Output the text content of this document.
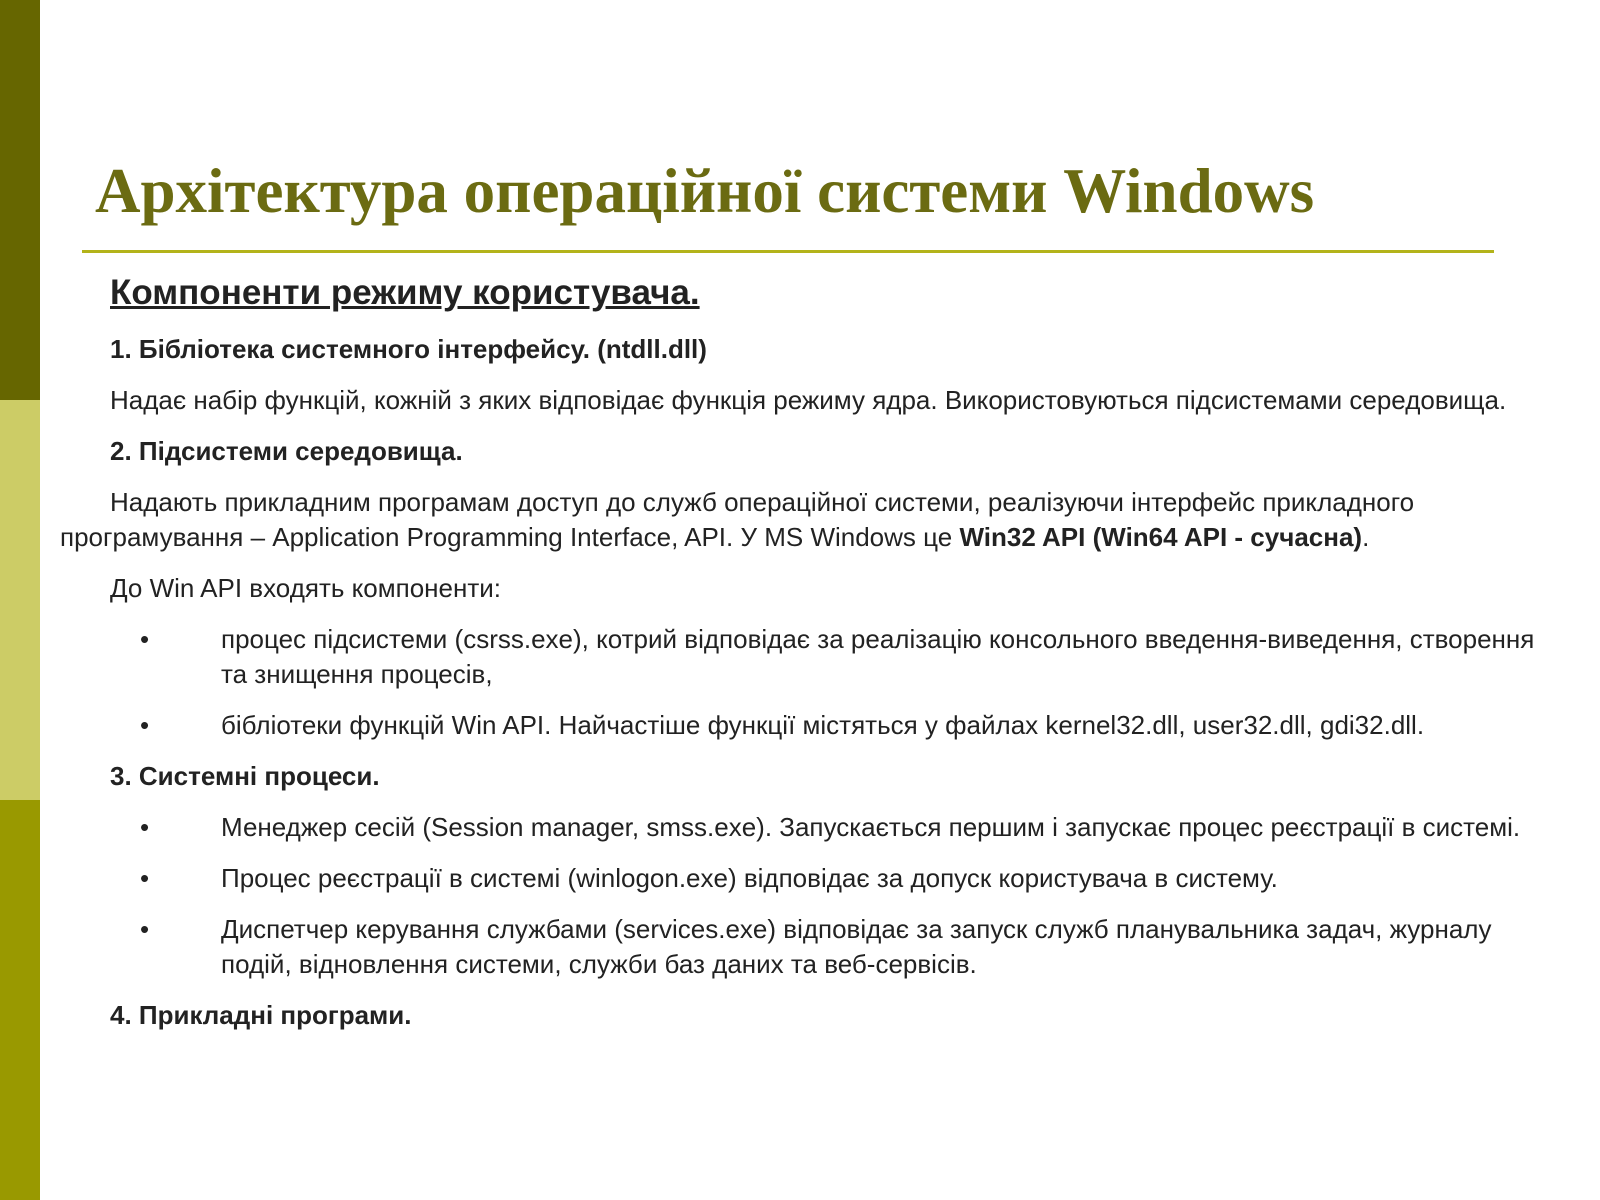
Архітектура операційної системи Windows

Компоненти режиму користувача.

1. Бібліотека системного інтерфейсу. (ntdll.dll)

Надає набір функцій, кожній з яких відповідає функція режиму ядра. Використовуються підсистемами середовища.

2. Підсистеми середовища.

Надають прикладним програмам доступ до служб операційної системи, реалізуючи інтерфейс прикладного програмування – Application Programming Interface, API. У MS Windows це Win32 API (Win64 API - сучасна).

До Win API входять компоненти:

•	процес підсистеми (csrss.exe), котрий відповідає за реалізацію консольного введення-виведення, створення та знищення процесів,
•	бібліотеки функцій Win API. Найчастіше функції містяться у файлах kernel32.dll, user32.dll, gdi32.dll.

3. Системні процеси.

•	Менеджер сесій (Session manager, smss.exe). Запускається першим і запускає процес реєстрації в системі.
•	Процес реєстрації в системі (winlogon.exe) відповідає за допуск користувача в систему.
•	Диспетчер керування службами (services.exe) відповідає за запуск служб планувальника задач, журналу подій, відновлення системи, служби баз даних та веб-сервісів.

4. Прикладні програми.
